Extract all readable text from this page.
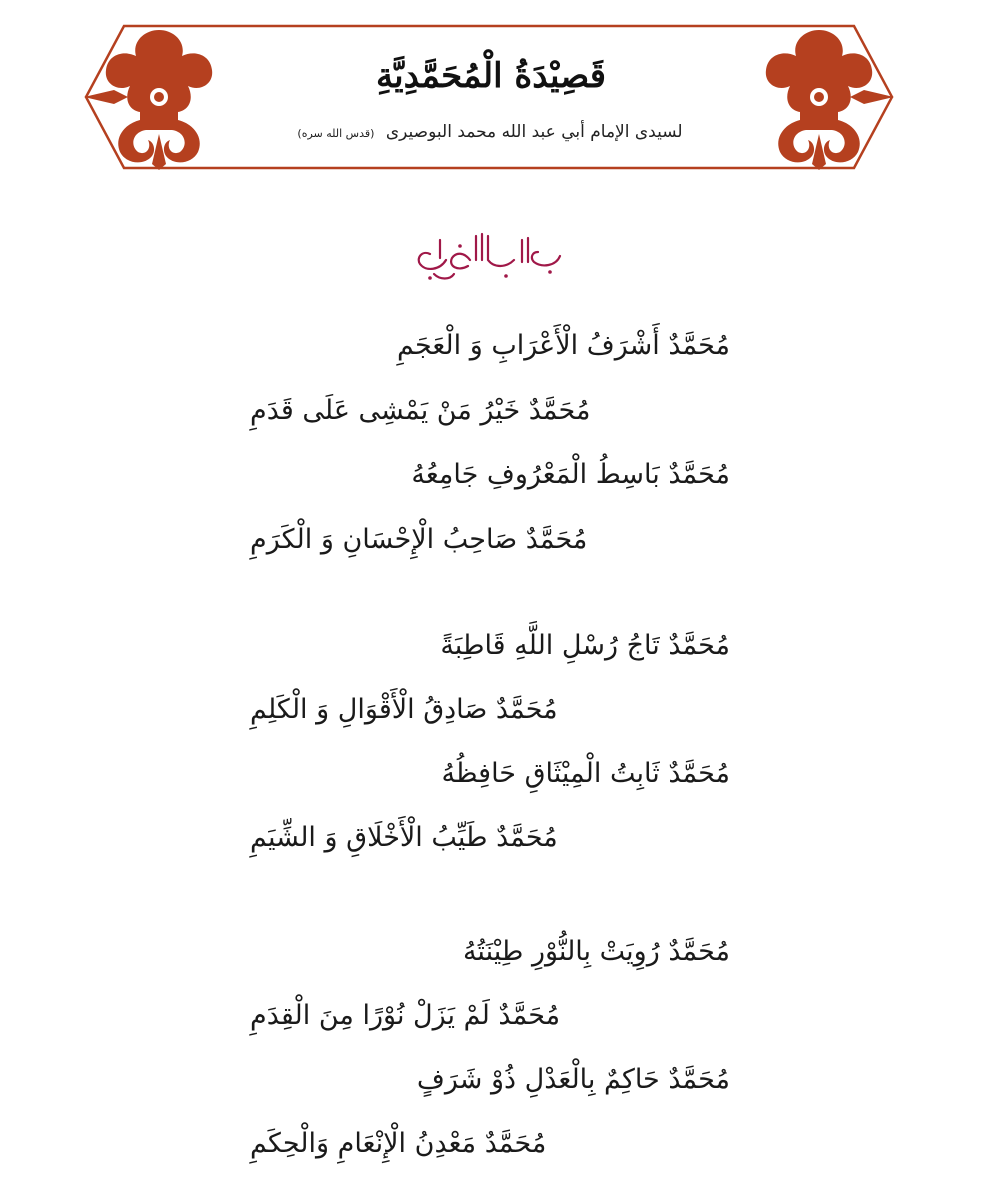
قَصِيْدَةُ الْمُحَمَّدِيَّةِ
لسيدى الإمام أبي عبد الله محمد البوصيرى (قدس الله سره)
مُحَمَّدٌ أَشْرَفُ الْأَعْرَابِ وَ الْعَجَمِ
مُحَمَّدٌ خَيْرُ مَنْ يَمْشِى عَلَى قَدَمِ
مُحَمَّدٌ بَاسِطُ الْمَعْرُوفِ جَامِعُهُ
مُحَمَّدٌ صَاحِبُ الْإِحْسَانِ وَ الْكَرَمِ
مُحَمَّدٌ تَاجُ رُسْلِ اللَّهِ قَاطِبَةً
مُحَمَّدٌ صَادِقُ الْأَقْوَالِ وَ الْكَلِمِ
مُحَمَّدٌ ثَابِتُ الْمِيْثَاقِ حَافِظُهُ
مُحَمَّدٌ طَيِّبُ الْأَخْلَاقِ وَ الشِّيَمِ
مُحَمَّدٌ رُوِيَتْ بِالنُّوْرِ طِيْنَتُهُ
مُحَمَّدٌ لَمْ يَزَلْ نُوْرًا مِنَ الْقِدَمِ
مُحَمَّدٌ حَاكِمٌ بِالْعَدْلِ ذُوْ شَرَفٍ
مُحَمَّدٌ مَعْدِنُ الْإِنْعَامِ وَالْحِكَمِ
